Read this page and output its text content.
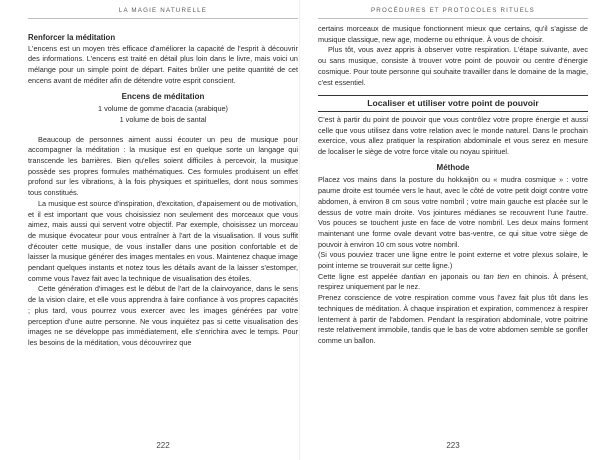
LA MAGIE NATURELLE
Renforcer la méditation

L'encens est un moyen très efficace d'améliorer la capacité de l'esprit à découvrir des informations. L'encens est traité en détail plus loin dans le livre, mais voici un mélange pour un simple point de départ. Faites brûler une petite quantité de cet encens avant de méditer afin de détendre votre esprit conscient.

Encens de méditation
1 volume de gomme d'acacia (arabique)
1 volume de bois de santal

Beaucoup de personnes aiment aussi écouter un peu de musique pour accompagner la méditation : la musique est en quelque sorte un langage qui transcende les barrières. Bien qu'elles soient difficiles à percevoir, la musique possède ses propres formules mathématiques. Ces formules produisent un effet profond sur les vibrations, à la fois physiques et spirituelles, dont nous sommes tous constitués.

La musique est source d'inspiration, d'excitation, d'apaisement ou de motivation, et il est important que vous choisissiez non seulement des morceaux que vous aimez, mais aussi qui servent votre objectif. Par exemple, choisissez un morceau de musique évocateur pour vous entraîner à l'art de la visualisation. Il vous suffit d'écouter cette musique, de vous installer dans une position confortable et de laisser la musique générer des images mentales en vous. Maintenez chaque image pendant quelques instants et notez tous les détails avant de la laisser s'estomper, comme vous l'avez fait avec la technique de visualisation des étoiles.

Cette génération d'images est le début de l'art de la clairvoyance, dans le sens de la vision claire, et elle vous apprendra à faire confiance à vos propres capacités ; plus tard, vous pourrez vous exercer avec les images générées par votre perception d'une autre personne. Ne vous inquiétez pas si cette visualisation des images ne se développe pas immédiatement, elle s'enrichira avec le temps. Pour les besoins de la méditation, vous découvrirez que

222
PROCÉDURES ET PROTOCOLES RITUELS

certains morceaux de musique fonctionnent mieux que certains, qu'il s'agisse de musique classique, new age, moderne ou ethnique. À vous de choisir.

Plus tôt, vous avez appris à observer votre respiration. L'étape suivante, avec ou sans musique, consiste à trouver votre point de pouvoir ou centre d'énergie cosmique. Pour toute personne qui souhaite travailler dans le domaine de la magie, c'est essentiel.

Localiser et utiliser votre point de pouvoir

C'est à partir du point de pouvoir que vous contrôlez votre propre énergie et aussi celle que vous utilisez dans votre relation avec le monde naturel. Dans le prochain exercice, vous allez pratiquer la respiration abdominale et vous serez en mesure de localiser le siège de votre force vitale ou noyau spirituel.

Méthode

Placez vos mains dans la posture du hokkaijōn ou « mudra cosmique » : votre paume droite est tournée vers le haut, avec le côté de votre petit doigt contre votre abdomen, à environ 8 cm sous votre nombril ; votre main gauche est placée sur le dessus de votre main droite. Vos jointures médianes se recouvrent l'une l'autre. Vos pouces se touchent juste en face de votre nombril. Les deux mains forment maintenant une forme ovale devant votre bas-ventre, ce qui situe votre siège de pouvoir à environ 10 cm sous votre nombril.

(Si vous pouviez tracer une ligne entre le point externe et votre plexus solaire, le point interne se trouverait sur cette ligne.)

Cette ligne est appelée dantian en japonais ou tan tien en chinois. À présent, respirez uniquement par le nez.

Prenez conscience de votre respiration comme vous l'avez fait plus tôt dans les techniques de méditation. À chaque inspiration et expiration, commencez à respirer lentement à partir de l'abdomen. Pendant la respiration abdominale, votre poitrine reste relativement immobile, tandis que le bas de votre abdomen semble se gonfler comme un ballon.

223
